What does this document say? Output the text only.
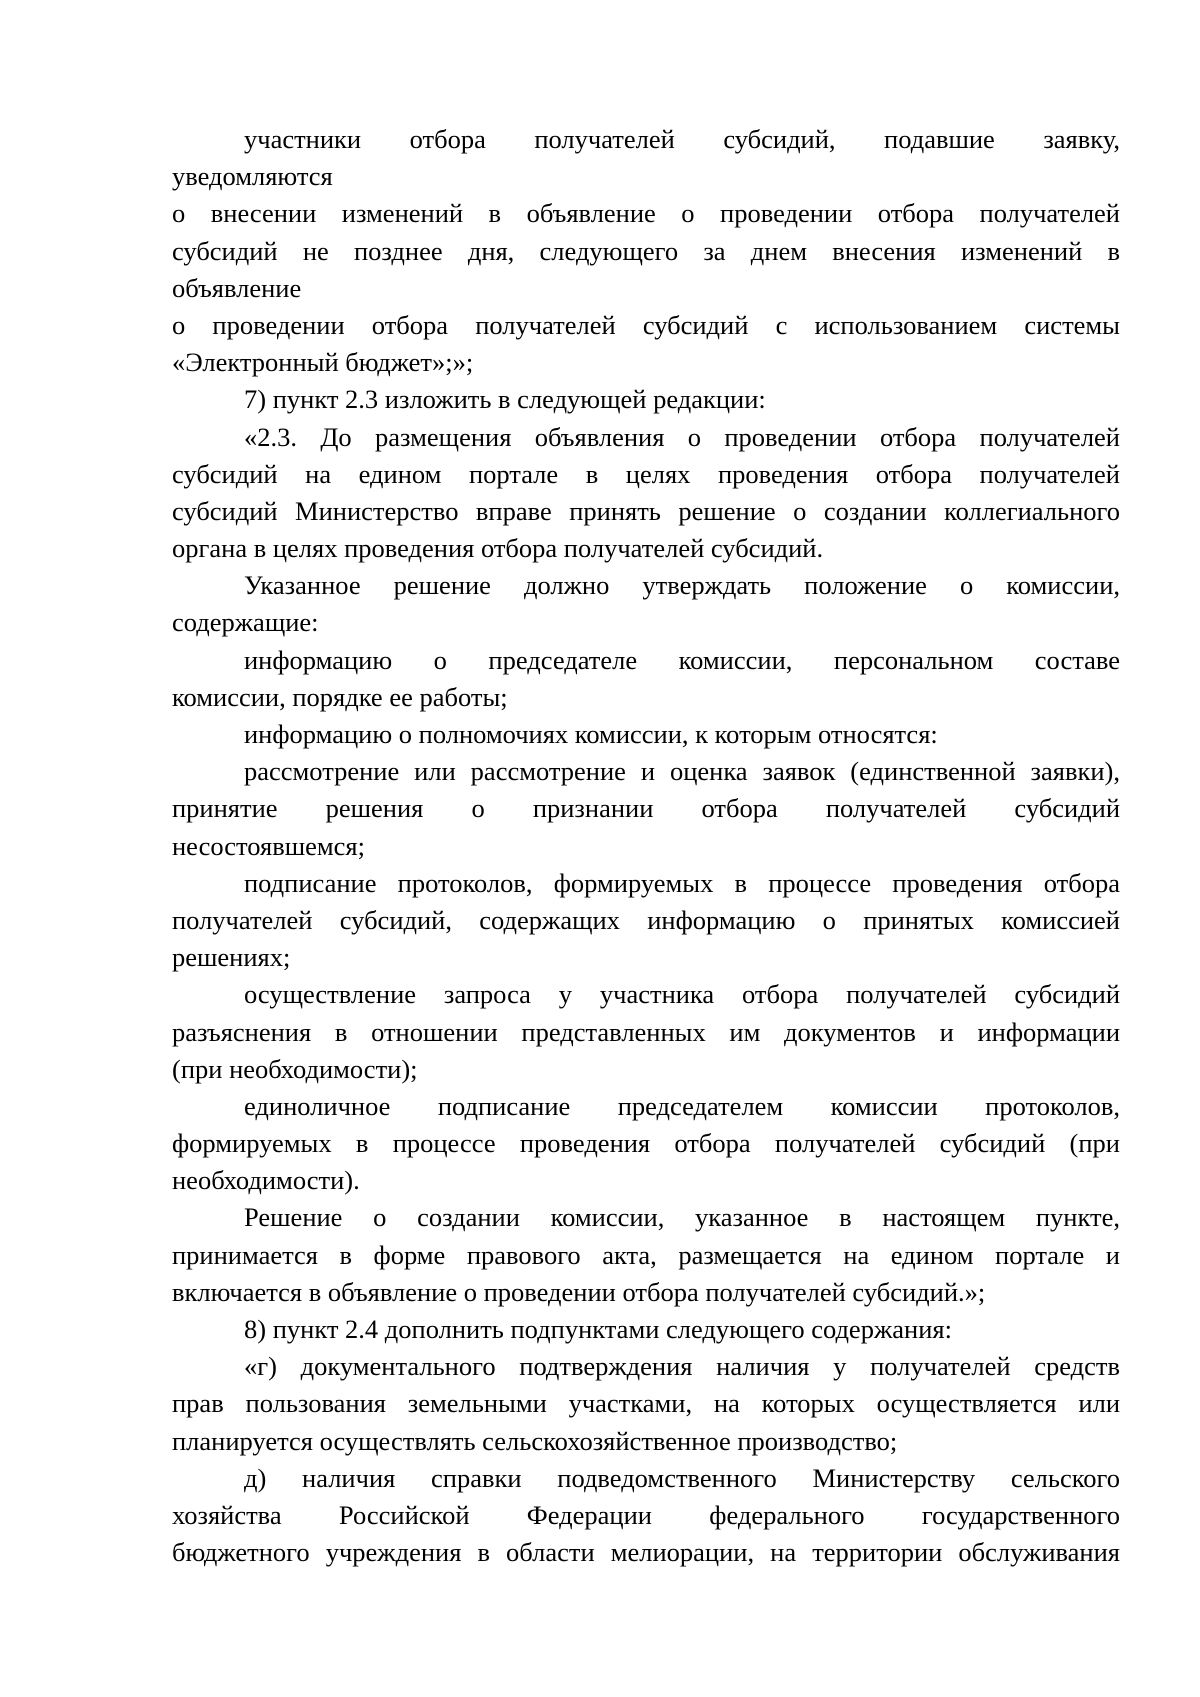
участники отбора получателей субсидий, подавшие заявку,
уведомляются
о внесении изменений в объявление о проведении отбора получателей
субсидий не позднее дня, следующего за днем внесения изменений в
объявление
о проведении отбора получателей субсидий с использованием системы
«Электронный бюджет»;»;
7) пункт 2.3 изложить в следующей редакции:
«2.3. До размещения объявления о проведении отбора получателей
субсидий на едином портале в целях проведения отбора получателей
субсидий Министерство вправе принять решение о создании коллегиального
органа в целях проведения отбора получателей субсидий.
Указанное решение должно утверждать положение о комиссии,
содержащие:
информацию о председателе комиссии, персональном составе
комиссии, порядке ее работы;
информацию о полномочиях комиссии, к которым относятся:
рассмотрение или рассмотрение и оценка заявок (единственной заявки),
принятие решения о признании отбора получателей субсидий
несостоявшемся;
подписание протоколов, формируемых в процессе проведения отбора
получателей субсидий, содержащих информацию о принятых комиссией
решениях;
осуществление запроса у участника отбора получателей субсидий
разъяснения в отношении представленных им документов и информации
(при необходимости);
единоличное подписание председателем комиссии протоколов,
формируемых в процессе проведения отбора получателей субсидий (при
необходимости).
Решение о создании комиссии, указанное в настоящем пункте,
принимается в форме правового акта, размещается на едином портале и
включается в объявление о проведении отбора получателей субсидий.»;
8) пункт 2.4 дополнить подпунктами следующего содержания:
«г) документального подтверждения наличия у получателей средств
прав пользования земельными участками, на которых осуществляется или
планируется осуществлять сельскохозяйственное производство;
д) наличия справки подведомственного Министерству сельского
хозяйства Российской Федерации федерального государственного
бюджетного учреждения в области мелиорации, на территории обслуживания
